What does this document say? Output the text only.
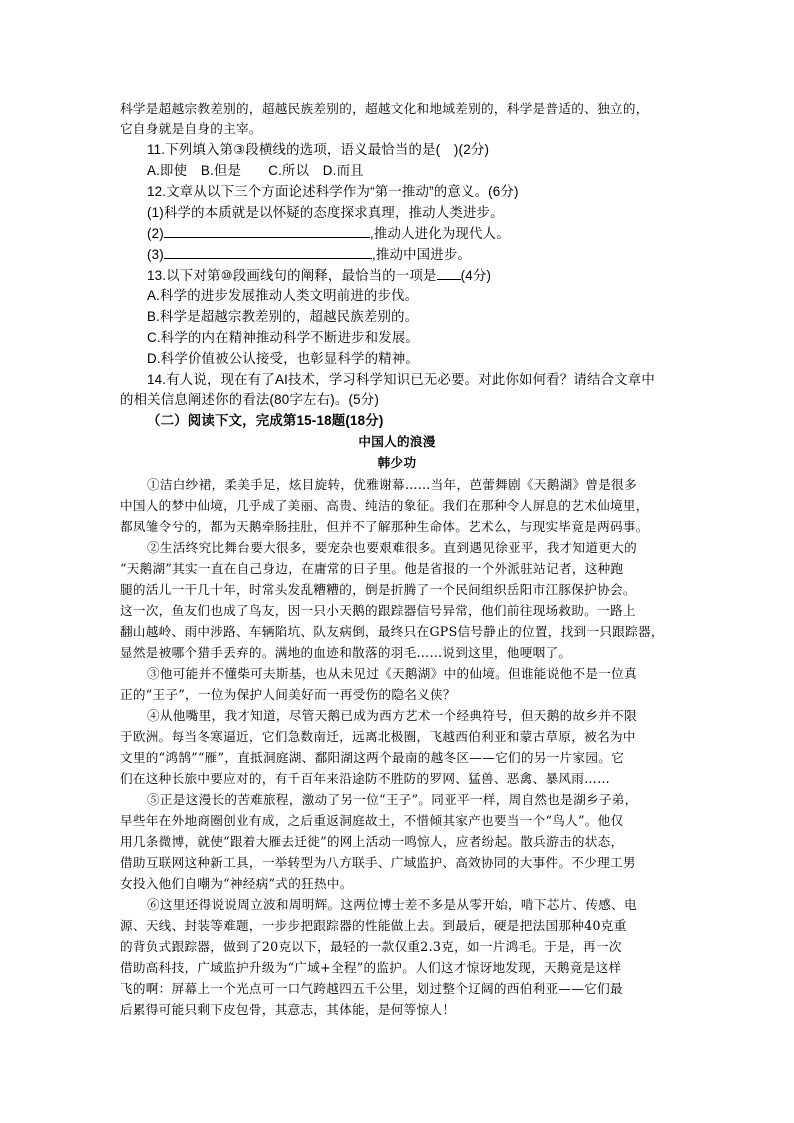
科学是超越宗教差别的，超越民族差别的，超越文化和地域差别的，科学是普适的、独立的，
它自身就是自身的主宰。
11.下列填入第③段横线的选项，语义最恰当的是(　)(2分)
A.即使　B.但是　　C.所以　D.而且
12.文章从以下三个方面论述科学作为“第一推动”的意义。(6分)
(1)科学的本质就是以怀疑的态度探求真理，推动人类进步。
(2)	,推动人进化为现代人。
(3)	,推动中国进步。
13.以下对第⑩段画线句的阐释，最恰当的一项是 (4分)
A.科学的进步发展推动人类文明前进的步伐。
B.科学是超越宗教差别的，超越民族差别的。
C.科学的内在精神推动科学不断进步和发展。
D.科学价值被公认接受，也彰显科学的精神。
14.有人说，现在有了AI技术，学习科学知识已无必要。对此你如何看？请结合文章中
的相关信息阐述你的看法(80字左右)。(5分)
（二）阅读下文，完成第15-18题(18分)
中国人的浪漫
韩少功
①洁白纱裙，柔美手足，炫目旋转，优雅谢幕……当年，芭蕾舞剧《天鹅湖》曾是很多
中国人的梦中仙境，几乎成了美丽、高贵、纯洁的象征。我们在那种令人屏息的艺术仙境里，
都凤雏令兮的，都为天鹅牵肠挂肚，但并不了解那种生命体。艺术么，与现实毕竟是两码事。
②生活终究比舞台要大很多，要宠杂也要艰难很多。直到遇见徐亚平，我才知道更大的
“天鹅湖”其实一直在自己身边，在庸常的日子里。他是省报的一个外派驻站记者，这种跑
腿的活儿一干几十年，时常头发乱糟糟的，倒是折腾了一个民间组织岳阳市江豚保护协会。
这一次，鱼友们也成了鸟友，因一只小天鹅的跟踪器信号异常，他们前往现场救助。一路上
翻山越岭、雨中涉路、车辆陷坑、队友病倒，最终只在GPS信号静止的位置，找到一只跟踪器，
显然是被哪个猎手丢弃的。满地的血迹和散落的羽毛……说到这里，他哽咽了。
③他可能并不懂柴可夫斯基，也从未见过《天鹅湖》中的仙境。但谁能说他不是一位真
正的“王子”，一位为保护人间美好而一再受伤的隐名义侠？
④从他嘴里，我才知道，尽管天鹅已成为西方艺术一个经典符号，但天鹅的故乡并不限
于欧洲。每当冬寒逼近，它们急数南迁，远离北极圈，飞越西伯利亚和蒙古草原，被名为中
文里的“鸿鹄”“雁”，直抵洞庭湖、鄱阳湖这两个最南的越冬区——它们的另一片家园。它
们在这种长旅中要应对的，有千百年来沿途防不胜防的罗网、猛兽、恶禽、暴风雨……
⑤正是这漫长的苦难旅程，激动了另一位“王子”。同亚平一样，周自然也是湖乡子弟，
早些年在外地商圈创业有成，之后重返洞庭故土，不惜倾其家产也要当一个“鸟人”。他仅
用几条微博，就使“跟着大雁去迁徙”的网上活动一鸣惊人，应者纷起。散兵游击的状态，
借助互联网这种新工具，一举转型为八方联手、广域监护、高效协同的大事件。不少理工男
女投入他们自嘲为“神经病”式的狂热中。
⑥这里还得说说周立波和周明辉。这两位博士差不多是从零开始，啃下芯片、传感、电
源、天线、封装等难题，一步步把跟踪器的性能做上去。到最后，硬是把法国那种40克重
的背负式跟踪器，做到了20克以下，最轻的一款仅重2.3克，如一片鸿毛。于是，再一次
借助高科技，广域监护升级为“广域+全程”的监护。人们这才惊讶地发现，天鹅竟是这样
飞的啊：屏幕上一个光点可一口气跨越四五千公里，划过整个辽阔的西伯利亚——它们最
后累得可能只剩下皮包骨，其意志，其体能，是何等惊人！
